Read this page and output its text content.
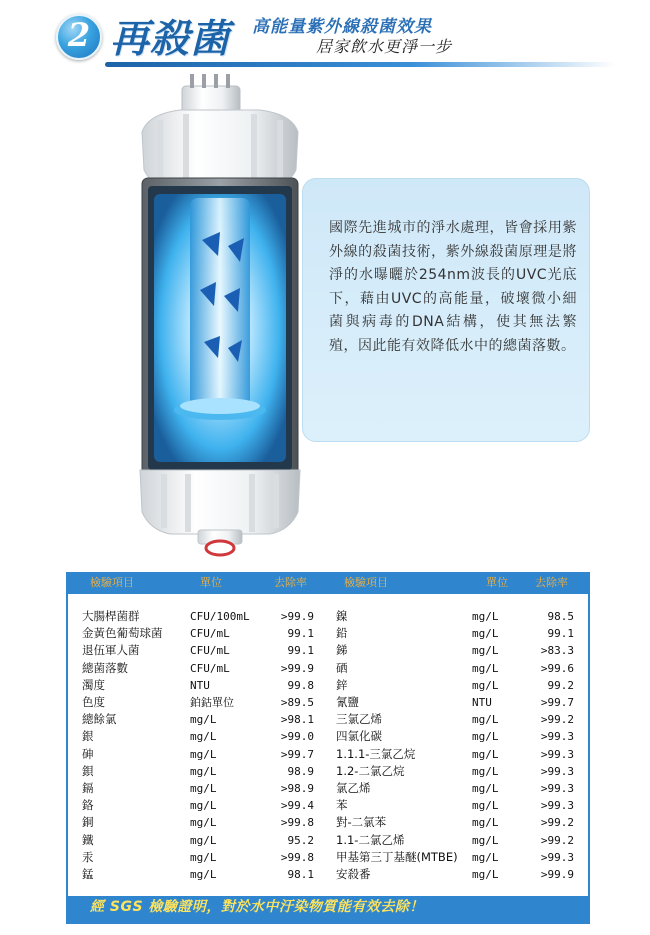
2 再殺菌 高能量紫外線殺菌效果
居家飲水更淨一步

國際先進城市的淨水處理，皆會採用紫外線的殺菌技術，紫外線殺菌原理是將淨的水曝曬於254nm波長的UVC光底下，藉由UVC的高能量，破壞微小細菌與病毒的DNA結構，使其無法繁殖，因此能有效降低水中的總菌落數。

檢驗項目	單位	去除率	檢驗項目	單位 去除率
大腸桿菌群	CFU/100mL	>99.9 鎳	mg/L	98.5
金黃色葡萄球菌	CFU/mL	99.1 鉛	mg/L	99.1
退伍軍人菌	CFU/mL	99.1 銻	mg/L	>83.3
總菌落數	CFU/mL	>99.9 硒	mg/L	>99.6
濁度	NTU	99.8 鋅	mg/L	99.2
色度	鉑鈷單位	>89.5 氰鹽	NTU	>99.7
總餘氯	mg/L	>98.1 三氯乙烯	mg/L	>99.2
銀	mg/L	>99.0 四氯化碳	mg/L	>99.3
砷	mg/L	>99.7 1.1.1-三氯乙烷	mg/L	>99.3
鋇	mg/L	98.9 1.2-二氯乙烷	mg/L	>99.3
鎘	mg/L	>98.9 氯乙烯	mg/L	>99.3
鉻	mg/L	>99.4 苯	mg/L	>99.3
銅	mg/L	>99.8 對-二氯苯	mg/L	>99.2
鐵	mg/L	95.2 1.1-二氯乙烯	mg/L	>99.2
汞	mg/L	>99.8 甲基第三丁基醚(MTBE)	mg/L	>99.3
錳	mg/L	98.1 安殺番	mg/L	>99.9
經 SGS 檢驗證明，對於水中汙染物質能有效去除！
